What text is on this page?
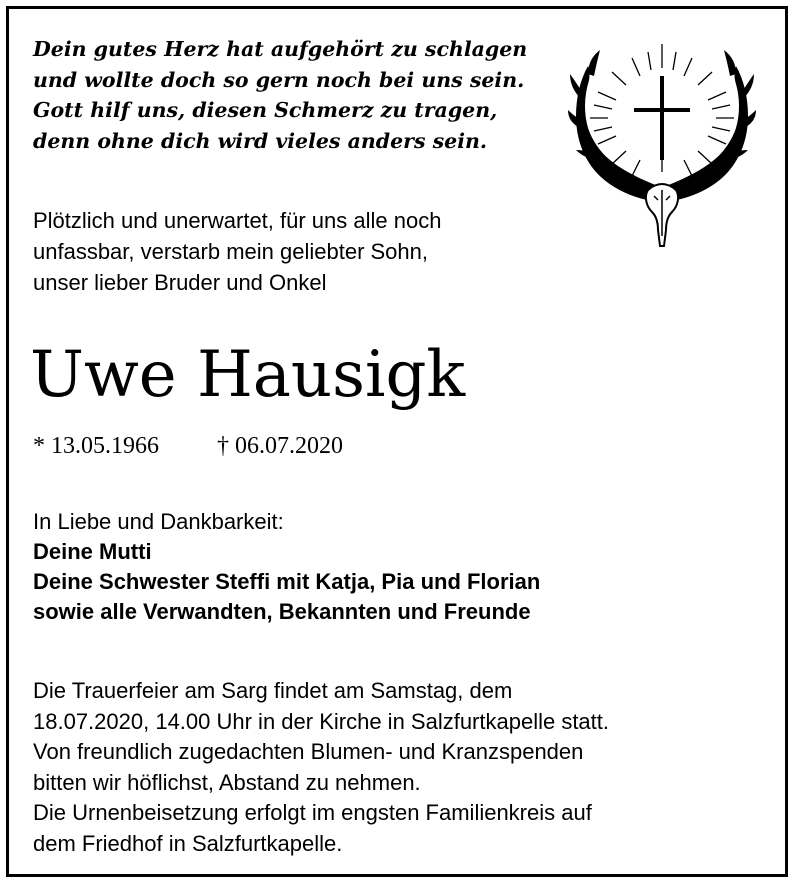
Dein gutes Herz hat aufgehört zu schlagen
und wollte doch so gern noch bei uns sein.
Gott hilf uns, diesen Schmerz zu tragen,
denn ohne dich wird vieles anders sein.
Plötzlich und unerwartet, für uns alle noch
unfassbar, verstarb mein geliebter Sohn,
unser lieber Bruder und Onkel
Uwe Hausigk
* 13.05.1966 † 06.07.2020
In Liebe und Dankbarkeit:
Deine Mutti
Deine Schwester Steffi mit Katja, Pia und Florian
sowie alle Verwandten, Bekannten und Freunde
Die Trauerfeier am Sarg findet am Samstag, dem
18.07.2020, 14.00 Uhr in der Kirche in Salzfurtkapelle statt.
Von freundlich zugedachten Blumen- und Kranzspenden
bitten wir höflichst, Abstand zu nehmen.
Die Urnenbeisetzung erfolgt im engsten Familienkreis auf
dem Friedhof in Salzfurtkapelle.
